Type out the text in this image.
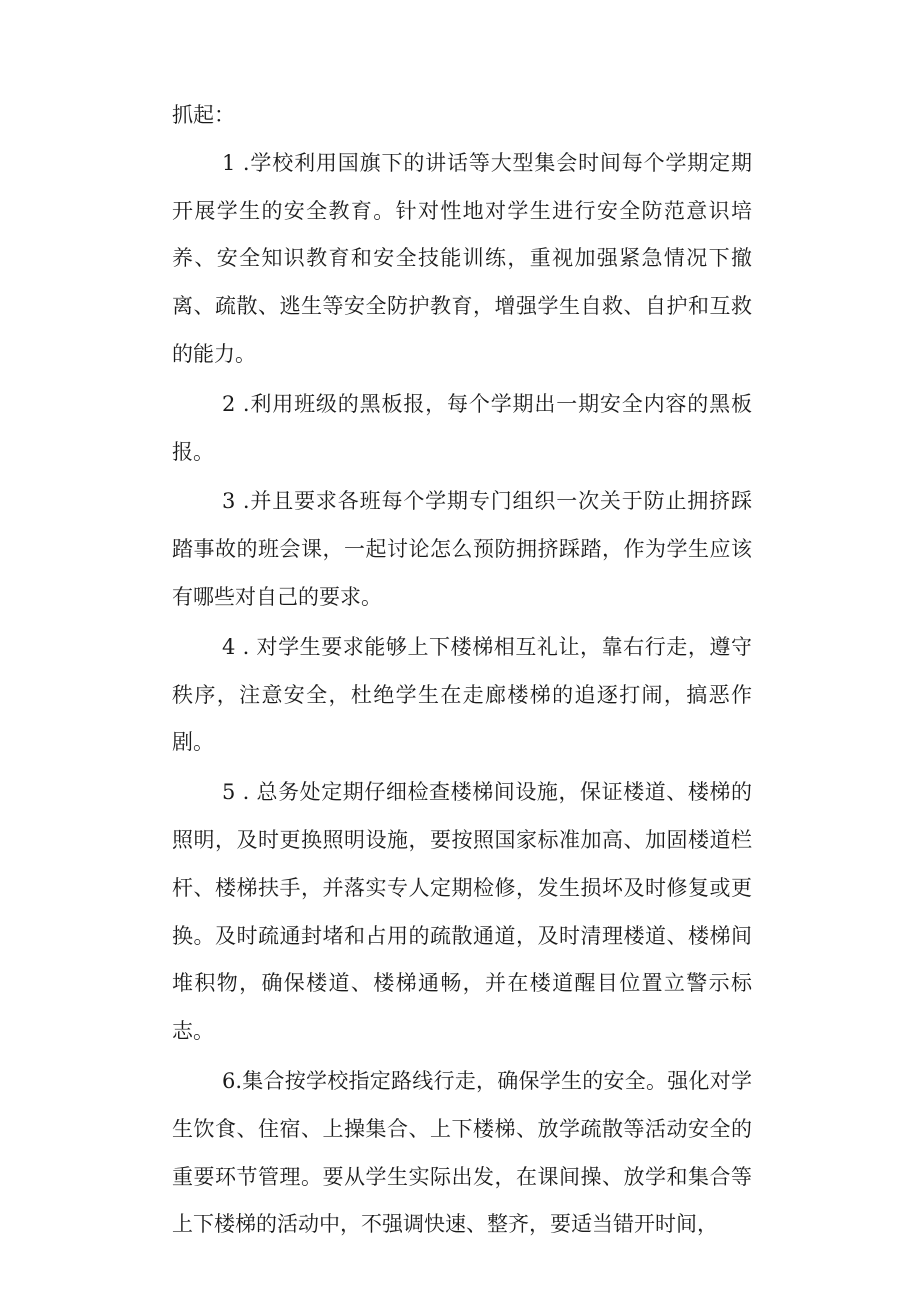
抓起：

1 .学校利用国旗下的讲话等大型集会时间每个学期定期开展学生的安全教育。针对性地对学生进行安全防范意识培养、安全知识教育和安全技能训练，重视加强紧急情况下撤离、疏散、逃生等安全防护教育，增强学生自救、自护和互救的能力。

2 .利用班级的黑板报，每个学期出一期安全内容的黑板报。

3 .并且要求各班每个学期专门组织一次关于防止拥挤踩踏事故的班会课，一起讨论怎么预防拥挤踩踏，作为学生应该有哪些对自己的要求。

4 . 对学生要求能够上下楼梯相互礼让，靠右行走，遵守秩序，注意安全，杜绝学生在走廊楼梯的追逐打闹，搞恶作剧。

5 . 总务处定期仔细检查楼梯间设施，保证楼道、楼梯的照明，及时更换照明设施，要按照国家标准加高、加固楼道栏杆、楼梯扶手，并落实专人定期检修，发生损坏及时修复或更换。及时疏通封堵和占用的疏散通道，及时清理楼道、楼梯间堆积物，确保楼道、楼梯通畅，并在楼道醒目位置立警示标志。

6.集合按学校指定路线行走，确保学生的安全。强化对学生饮食、住宿、上操集合、上下楼梯、放学疏散等活动安全的重要环节管理。要从学生实际出发，在课间操、放学和集合等上下楼梯的活动中，不强调快速、整齐，要适当错开时间，
